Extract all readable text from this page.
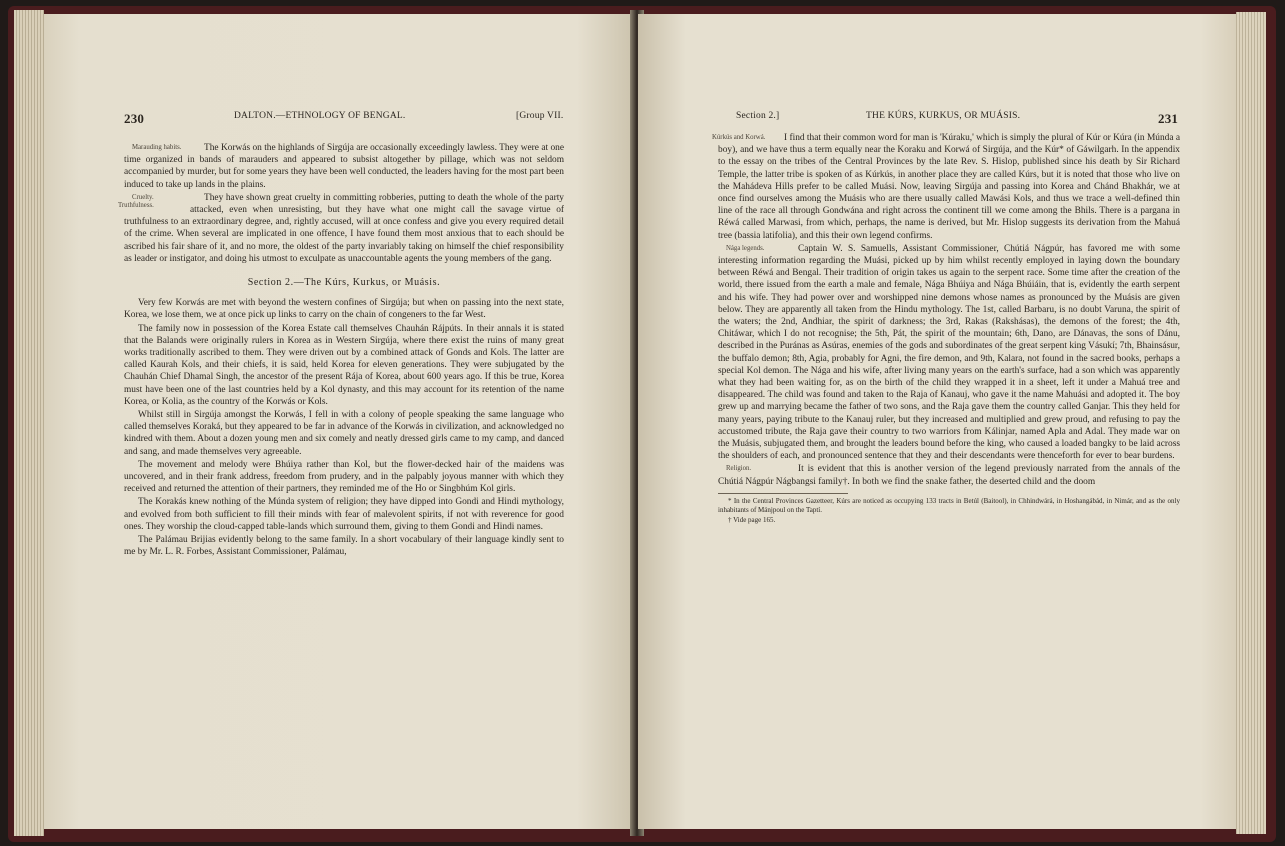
230	DALTON.—ETHNOLOGY OF BENGAL.	[Group VII.

Marauding habits. The Korwás on the highlands of Sirgúja are occasionally exceedingly lawless. They were at one time organized in bands of marauders and appeared to subsist altogether by pillage, which was not seldom accompanied by murder, but for some years they have been well conducted, the leaders having for the most part been induced to take up lands in the plains.

Cruelty. Truthfulness.
They have shown great cruelty in committing robberies, putting to death the whole of the party attacked, even when unresisting, but they have what one might call the savage virtue of truthfulness to an extraordinary degree, and, rightly accused, will at once confess and give you every required detail of the crime. When several are implicated in one offence, I have found them most anxious that to each should be ascribed his fair share of it, and no more, the oldest of the party invariably taking on himself the chief responsibility as leader or instigator, and doing his utmost to exculpate as unaccountable agents the young members of the gang.

Section 2.—The Kúrs, Kurkus, or Muásis.

Very few Korwás are met with beyond the western confines of Sirgúja; but when on passing into the next state, Korea, we lose them, we at once pick up links to carry on the chain of congeners to the far West.

The family now in possession of the Korea Estate call themselves Chauhán Rájpúts. In their annals it is stated that the Balands were originally rulers in Korea as in Western Sirgúja, where there exist the ruins of many great works traditionally ascribed to them. They were driven out by a combined attack of Gonds and Kols. The latter are called Kaurah Kols, and their chiefs, it is said, held Korea for eleven generations. They were subjugated by the Chauhán Chief Dhamal Singh, the ancestor of the present Rája of Korea, about 600 years ago. If this be true, Korea must have been one of the last countries held by a Kol dynasty, and this may account for its retention of the name Korea, or Kolia, as the country of the Korwás or Kols.

Whilst still in Sirgúja amongst the Korwás, I fell in with a colony of people speaking the same language who called themselves Koraká, but they appeared to be far in advance of the Korwás in civilization, and acknowledged no kindred with them. About a dozen young men and six comely and neatly dressed girls came to my camp, and danced and sang, and made themselves very agreeable.

The movement and melody were Bhúiya rather than Kol, but the flower-decked hair of the maidens was uncovered, and in their frank address, freedom from prudery, and in the palpably joyous manner with which they received and returned the attention of their partners, they reminded me of the Ho or Singbhúm Kol girls.

The Korakás knew nothing of the Múnda system of religion; they have dipped into Gondi and Hindi mythology, and evolved from both sufficient to fill their minds with fear of malevolent spirits, if not with reverence for good ones. They worship the cloud-capped table-lands which surround them, giving to them Gondi and Hindi names.

The Palámau Brijias evidently belong to the same family. In a short vocabulary of their language kindly sent to me by Mr. L. R. Forbes, Assistant Commissioner, Palámau,

Section 2.]	THE KÚRS, KURKUS, OR MUÁSIS.	231

Kúrkús and Korwá.	I find that their common word for man is 'Kúraku,' which is simply the plural of Kúr or Kúra (in Múnda a boy), and we have thus a term equally near the Koraku and Korwá of Sirgúja, and the Kúr* of Gáwilgarh. In the appendix to the essay on the tribes of the Central Provinces by the late Rev. S. Hislop, published since his death by Sir Richard Temple, the latter tribe is spoken of as Kúrkús, in another place they are called Kúrs, but it is noted that those who live on the Mahádeva Hills prefer to be called Muási. Now, leaving Sirgúja and passing into Korea and Chánd Bhakhár, we at once find ourselves among the Muásis who are there usually called Mawási Kols, and thus we trace a well-defined thin line of the race all through Gondwána and right across the continent till we come among the Bhils. There is a pargana in Réwá called Marwasi, from which, perhaps, the name is derived, but Mr. Hislop suggests its derivation from the Mahuá tree (bassia latifolia), and this their own legend confirms.

Nága legends.	Captain W. S. Samuells, Assistant Commissioner, Chútiá Nágpúr, has favored me with some interesting information regarding the Muási, picked up by him whilst recently employed in laying down the boundary between Réwá and Bengal. Their tradition of origin takes us again to the serpent race. Some time after the creation of the world, there issued from the earth a male and female, Nága Bhúiya and Nága Bhúiáin, that is, evidently the earth serpent and his wife. They had power over and worshipped nine demons whose names as pronounced by the Muásis are given below. They are apparently all taken from the Hindu mythology. The 1st, called Barbaru, is no doubt Varuna, the spirit of the waters; the 2nd, Andhiar, the spirit of darkness; the 3rd, Rakas (Rakshásas), the demons of the forest; the 4th, Chitáwar, which I do not recognise; the 5th, Pát, the spirit of the mountain; 6th, Dano, are Dánavas, the sons of Dánu, described in the Puránas as Asúras, enemies of the gods and subordinates of the great serpent king Vásukí; 7th, Bhainsásur, the buffalo demon; 8th, Agia, probably for Agni, the fire demon, and 9th, Kalara, not found in the sacred books, perhaps a special Kol demon. The Nága and his wife, after living many years on the earth's surface, had a son which was apparently what they had been waiting for, as on the birth of the child they wrapped it in a sheet, left it under a Mahuá tree and disappeared. The child was found and taken to the Raja of Kanauj, who gave it the name Mahuási and adopted it. The boy grew up and marrying became the father of two sons, and the Raja gave them the country called Ganjar. This they held for many years, paying tribute to the Kanauj ruler, but they increased and multiplied and grew proud, and refusing to pay the accustomed tribute, the Raja gave their country to two warriors from Kálinjar, named Apla and Adal. They made war on the Muásis, subjugated them, and brought the leaders bound before the king, who caused a loaded bangky to be laid across the shoulders of each, and pronounced sentence that they and their descendants were thenceforth for ever to bear burdens.

Religion.	It is evident that this is another version of the legend previously narrated from the annals of the Chútiá Nágpúr Nágbangsi family†. In both we find the snake father, the deserted child and the doom

* In the Central Provinces Gazetteer, Kúrs are noticed as occupying 133 tracts in Betúl (Baitool), in Chhindwárá, in Hoshangábád, in Nimár, and as the only inhabitants of Mánjpoul on the Taptí.

† Vide page 165.
